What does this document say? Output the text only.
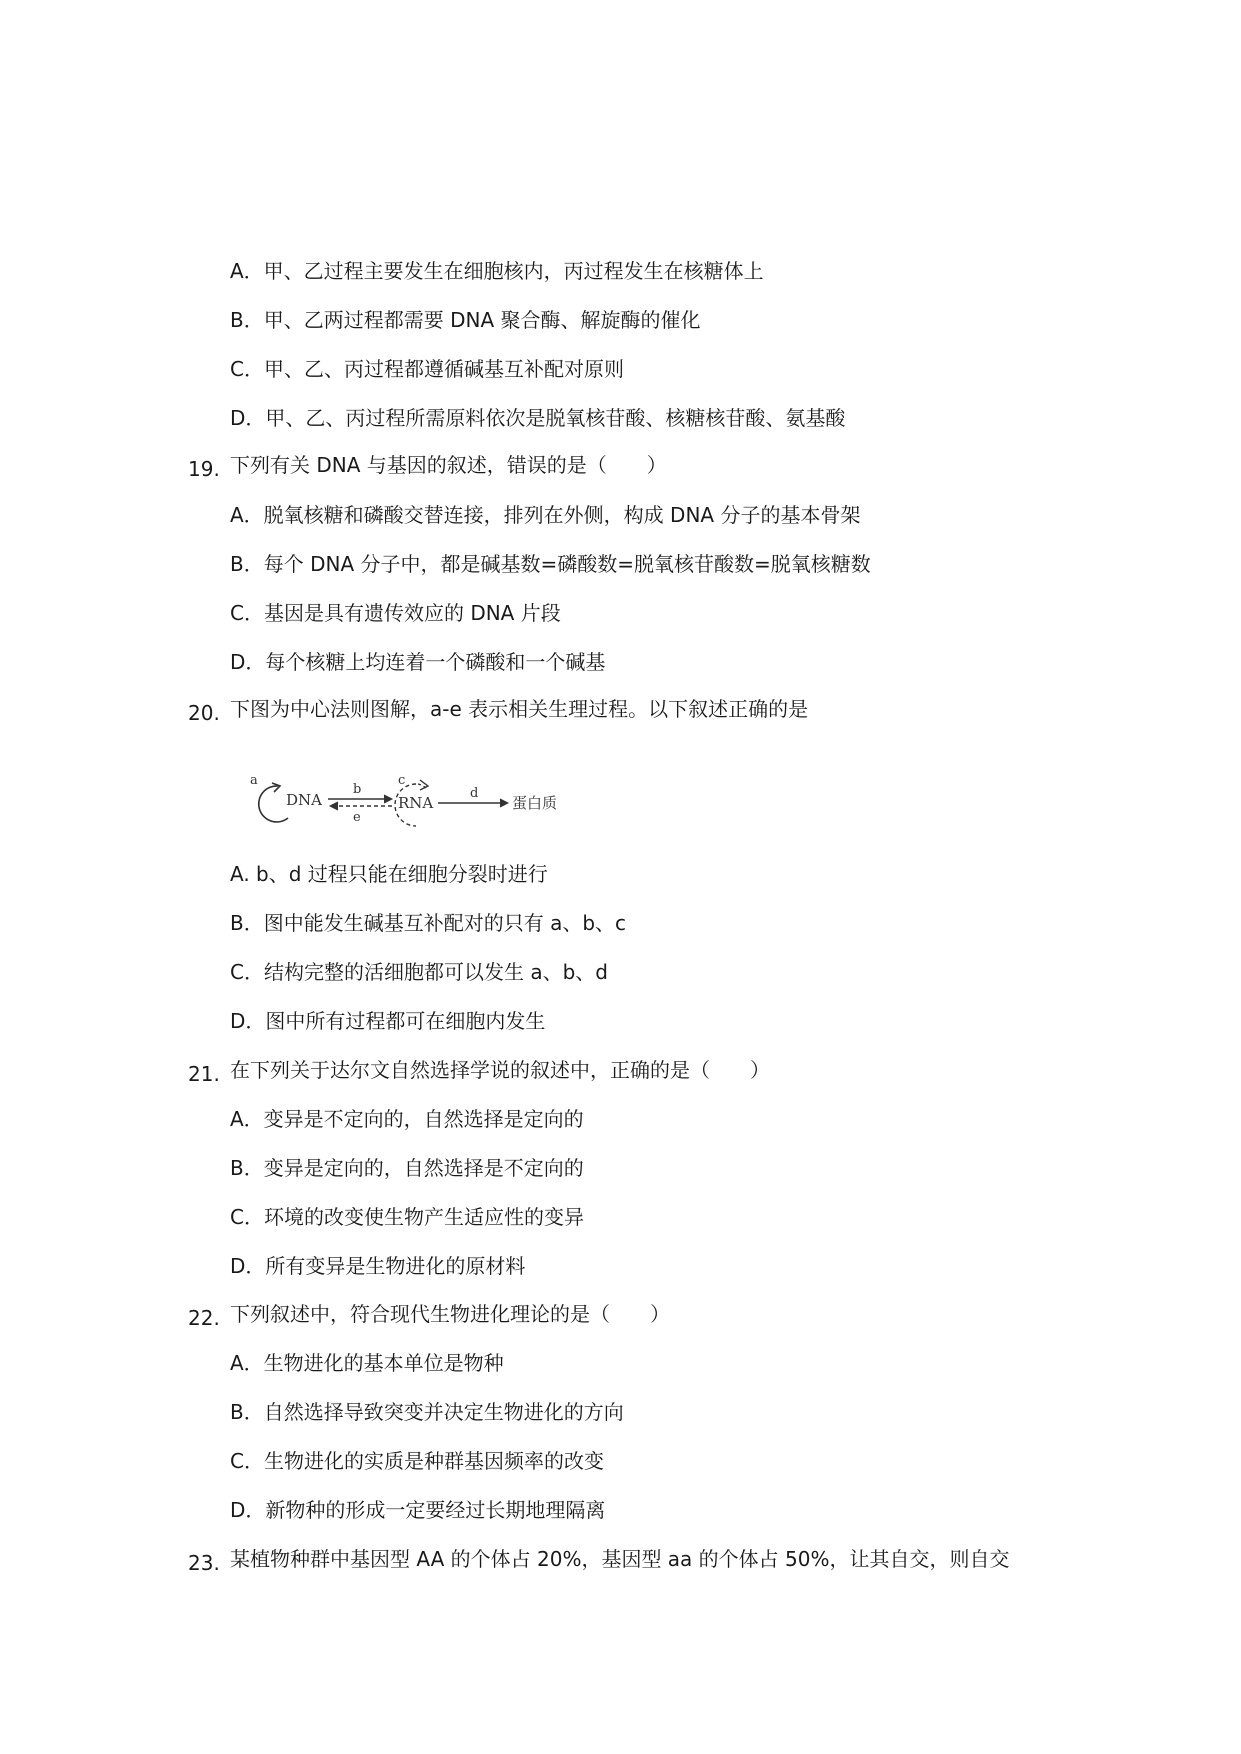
A．甲、乙过程主要发生在细胞核内，丙过程发生在核糖体上
B．甲、乙两过程都需要 DNA 聚合酶、解旋酶的催化
C．甲、乙、丙过程都遵循碱基互补配对原则
D．甲、乙、丙过程所需原料依次是脱氧核苷酸、核糖核苷酸、氨基酸
19. 下列有关 DNA 与基因的叙述，错误的是（　　）
A．脱氧核糖和磷酸交替连接，排列在外侧，构成 DNA 分子的基本骨架
B．每个 DNA 分子中，都是碱基数=磷酸数=脱氧核苷酸数=脱氧核糖数
C．基因是具有遗传效应的 DNA 片段
D．每个核糖上均连着一个磷酸和一个碱基
20. 下图为中心法则图解，a-e 表示相关生理过程。以下叙述正确的是
a
DNA
b
e
c
RNA
d
蛋白质
A. b、d 过程只能在细胞分裂时进行
B．图中能发生碱基互补配对的只有 a、b、c
C．结构完整的活细胞都可以发生 a、b、d
D．图中所有过程都可在细胞内发生
21. 在下列关于达尔文自然选择学说的叙述中，正确的是（　　）
A．变异是不定向的，自然选择是定向的
B．变异是定向的，自然选择是不定向的
C．环境的改变使生物产生适应性的变异
D．所有变异是生物进化的原材料
22. 下列叙述中，符合现代生物进化理论的是（　　）
A．生物进化的基本单位是物种
B．自然选择导致突变并决定生物进化的方向
C．生物进化的实质是种群基因频率的改变
D．新物种的形成一定要经过长期地理隔离
23. 某植物种群中基因型 AA 的个体占 20%，基因型 aa 的个体占 50%，让其自交，则自交
